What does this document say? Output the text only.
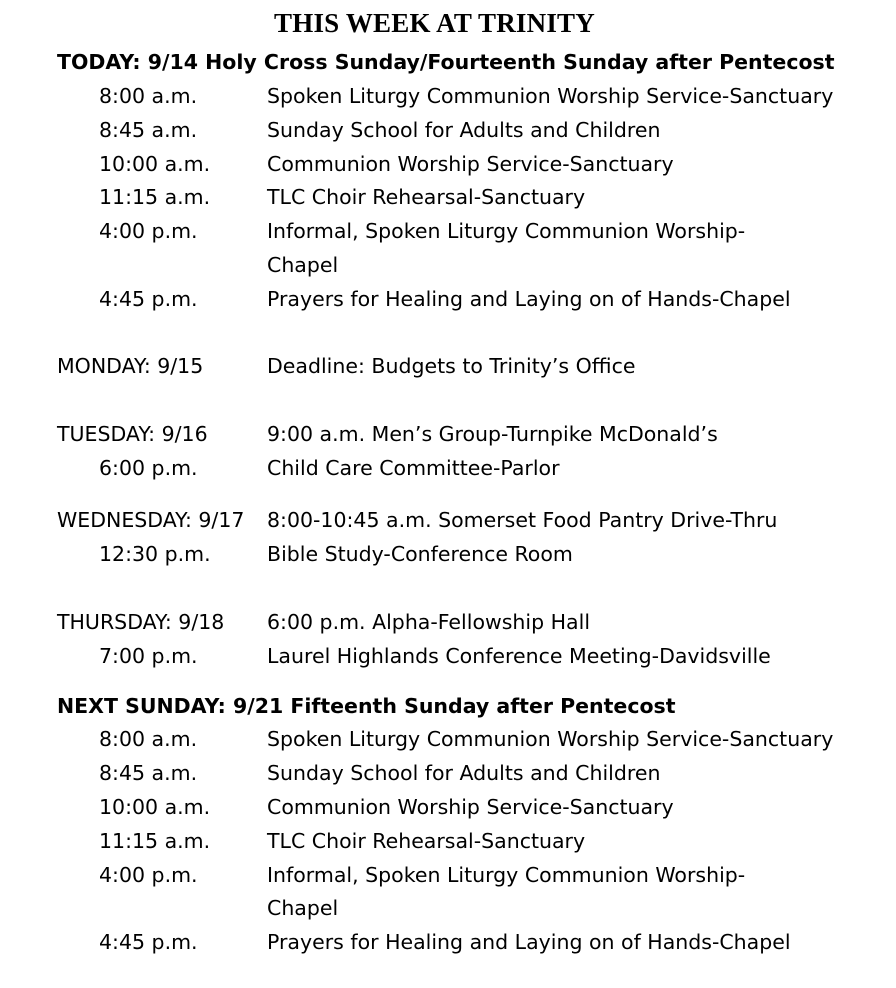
THIS WEEK AT TRINITY
TODAY: 9/14 Holy Cross Sunday/Fourteenth Sunday after Pentecost
8:00 a.m.	Spoken Liturgy Communion Worship Service-Sanctuary
8:45 a.m.	Sunday School for Adults and Children
10:00 a.m.	Communion Worship Service-Sanctuary
11:15 a.m.	TLC Choir Rehearsal-Sanctuary
4:00 p.m.	Informal, Spoken Liturgy Communion Worship-
Chapel
4:45 p.m.	Prayers for Healing and Laying on of Hands-Chapel
MONDAY: 9/15	Deadline: Budgets to Trinity’s Office
TUESDAY: 9/16	9:00 a.m. Men’s Group-Turnpike McDonald’s
6:00 p.m.	Child Care Committee-Parlor
WEDNESDAY: 9/17 8:00-10:45 a.m. Somerset Food Pantry Drive-Thru
12:30 p.m.	Bible Study-Conference Room
THURSDAY: 9/18 6:00 p.m. Alpha-Fellowship Hall
7:00 p.m.	Laurel Highlands Conference Meeting-Davidsville
NEXT SUNDAY: 9/21 Fifteenth Sunday after Pentecost
8:00 a.m.	Spoken Liturgy Communion Worship Service-Sanctuary
8:45 a.m.	Sunday School for Adults and Children
10:00 a.m.	Communion Worship Service-Sanctuary
11:15 a.m.	TLC Choir Rehearsal-Sanctuary
4:00 p.m.	Informal, Spoken Liturgy Communion Worship-
Chapel
4:45 p.m.	Prayers for Healing and Laying on of Hands-Chapel
